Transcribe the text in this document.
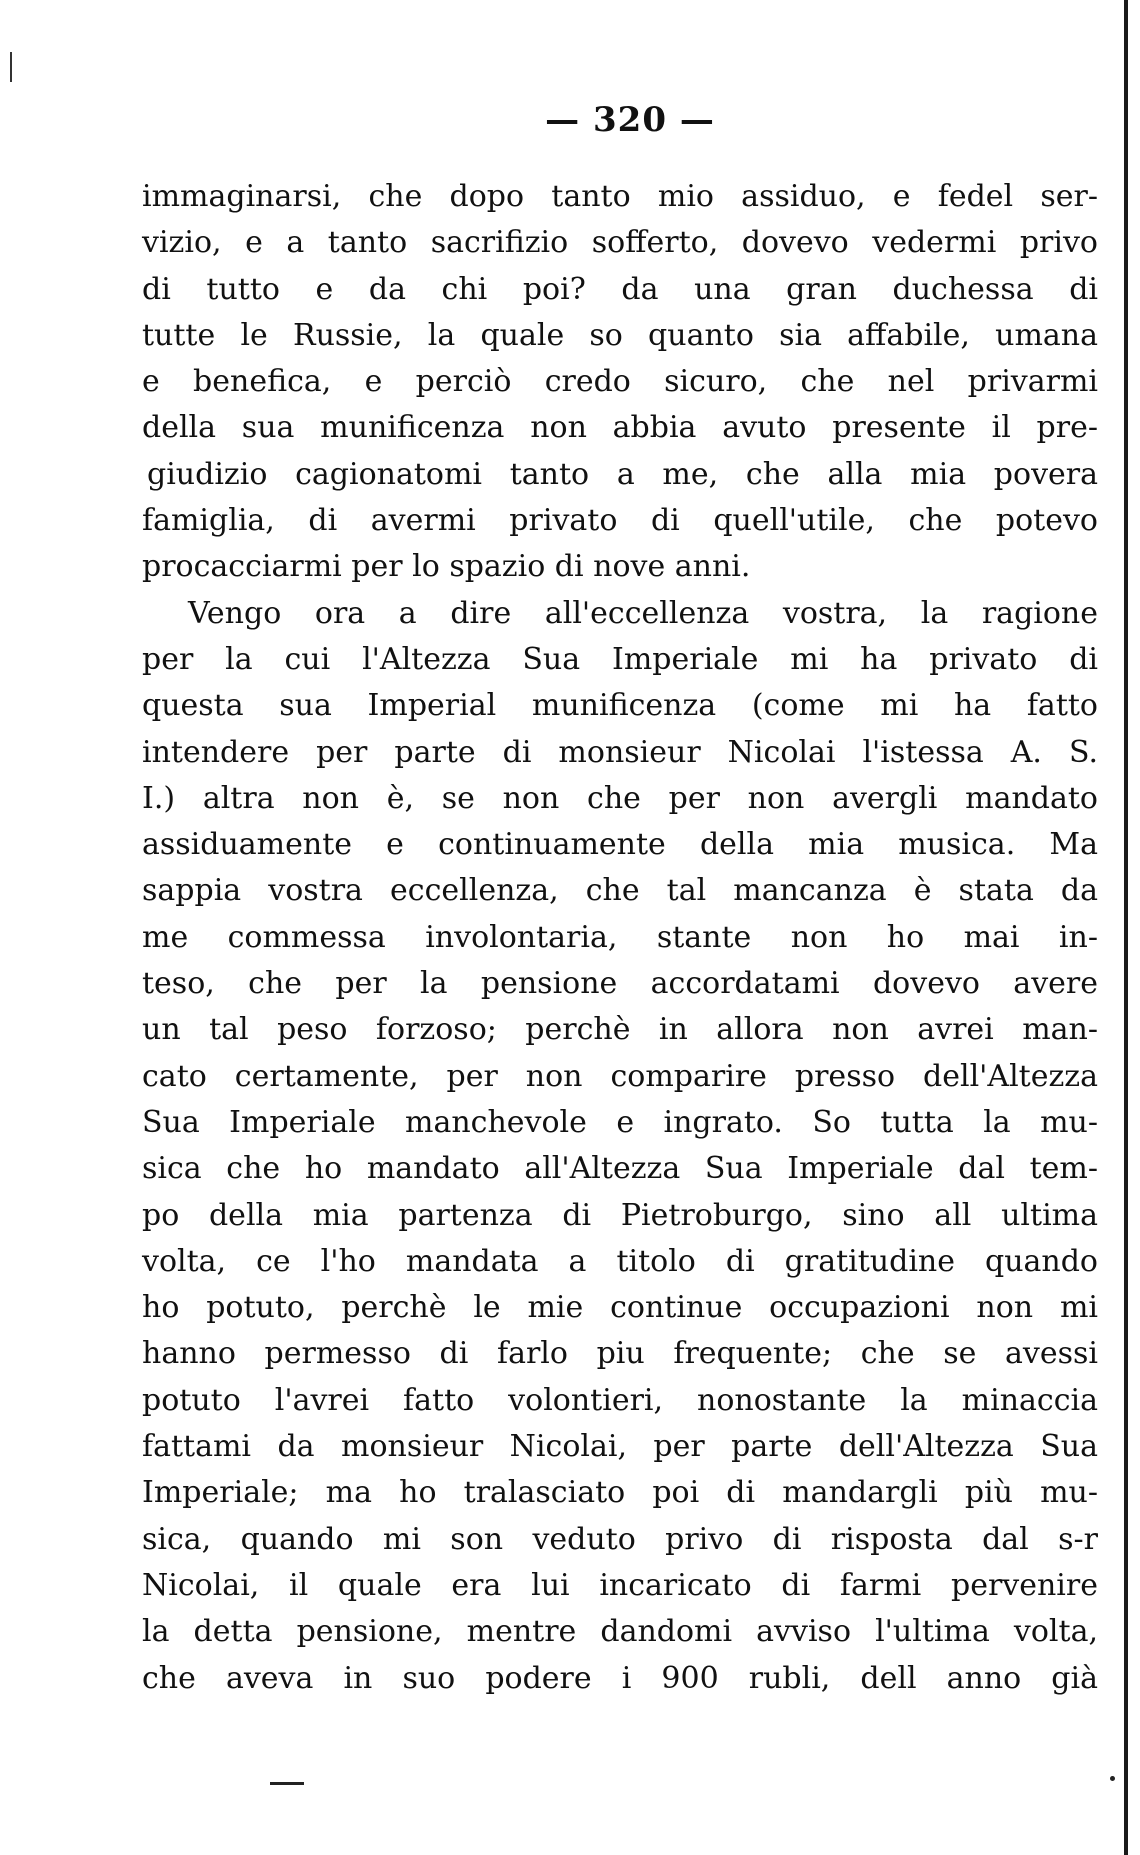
— 320 —
immaginarsi, che dopo tanto mio assiduo, e fedel ser-
vizio, e a tanto sacrifizio sofferto, dovevo vedermi privo
di tutto e da chi poi? da una gran duchessa di
tutte le Russie, la quale so quanto sia affabile, umana
e benefica, e perciò credo sicuro, che nel privarmi
della sua munificenza non abbia avuto presente il pre-
giudizio cagionatomi tanto a me, che alla mia povera
famiglia, di avermi privato di quell'utile, che potevo
procacciarmi per lo spazio di nove anni.
Vengo ora a dire all'eccellenza vostra, la ragione
per la cui l'Altezza Sua Imperiale mi ha privato di
questa sua Imperial munificenza (come mi ha fatto
intendere per parte di monsieur Nicolai l'istessa A. S.
I.) altra non è, se non che per non avergli mandato
assiduamente e continuamente della mia musica. Ma
sappia vostra eccellenza, che tal mancanza è stata da
me commessa involontaria, stante non ho mai in-
teso, che per la pensione accordatami dovevo avere
un tal peso forzoso; perchè in allora non avrei man-
cato certamente, per non comparire presso dell'Altezza
Sua Imperiale manchevole e ingrato. So tutta la mu-
sica che ho mandato all'Altezza Sua Imperiale dal tem-
po della mia partenza di Pietroburgo, sino all ultima
volta, ce l'ho mandata a titolo di gratitudine quando
ho potuto, perchè le mie continue occupazioni non mi
hanno permesso di farlo piu frequente; che se avessi
potuto l'avrei fatto volontieri, nonostante la minaccia
fattami da monsieur Nicolai, per parte dell'Altezza Sua
Imperiale; ma ho tralasciato poi di mandargli più mu-
sica, quando mi son veduto privo di risposta dal s-r
Nicolai, il quale era lui incaricato di farmi pervenire
la detta pensione, mentre dandomi avviso l'ultima volta,
che aveva in suo podere i 900 rubli, dell anno già
